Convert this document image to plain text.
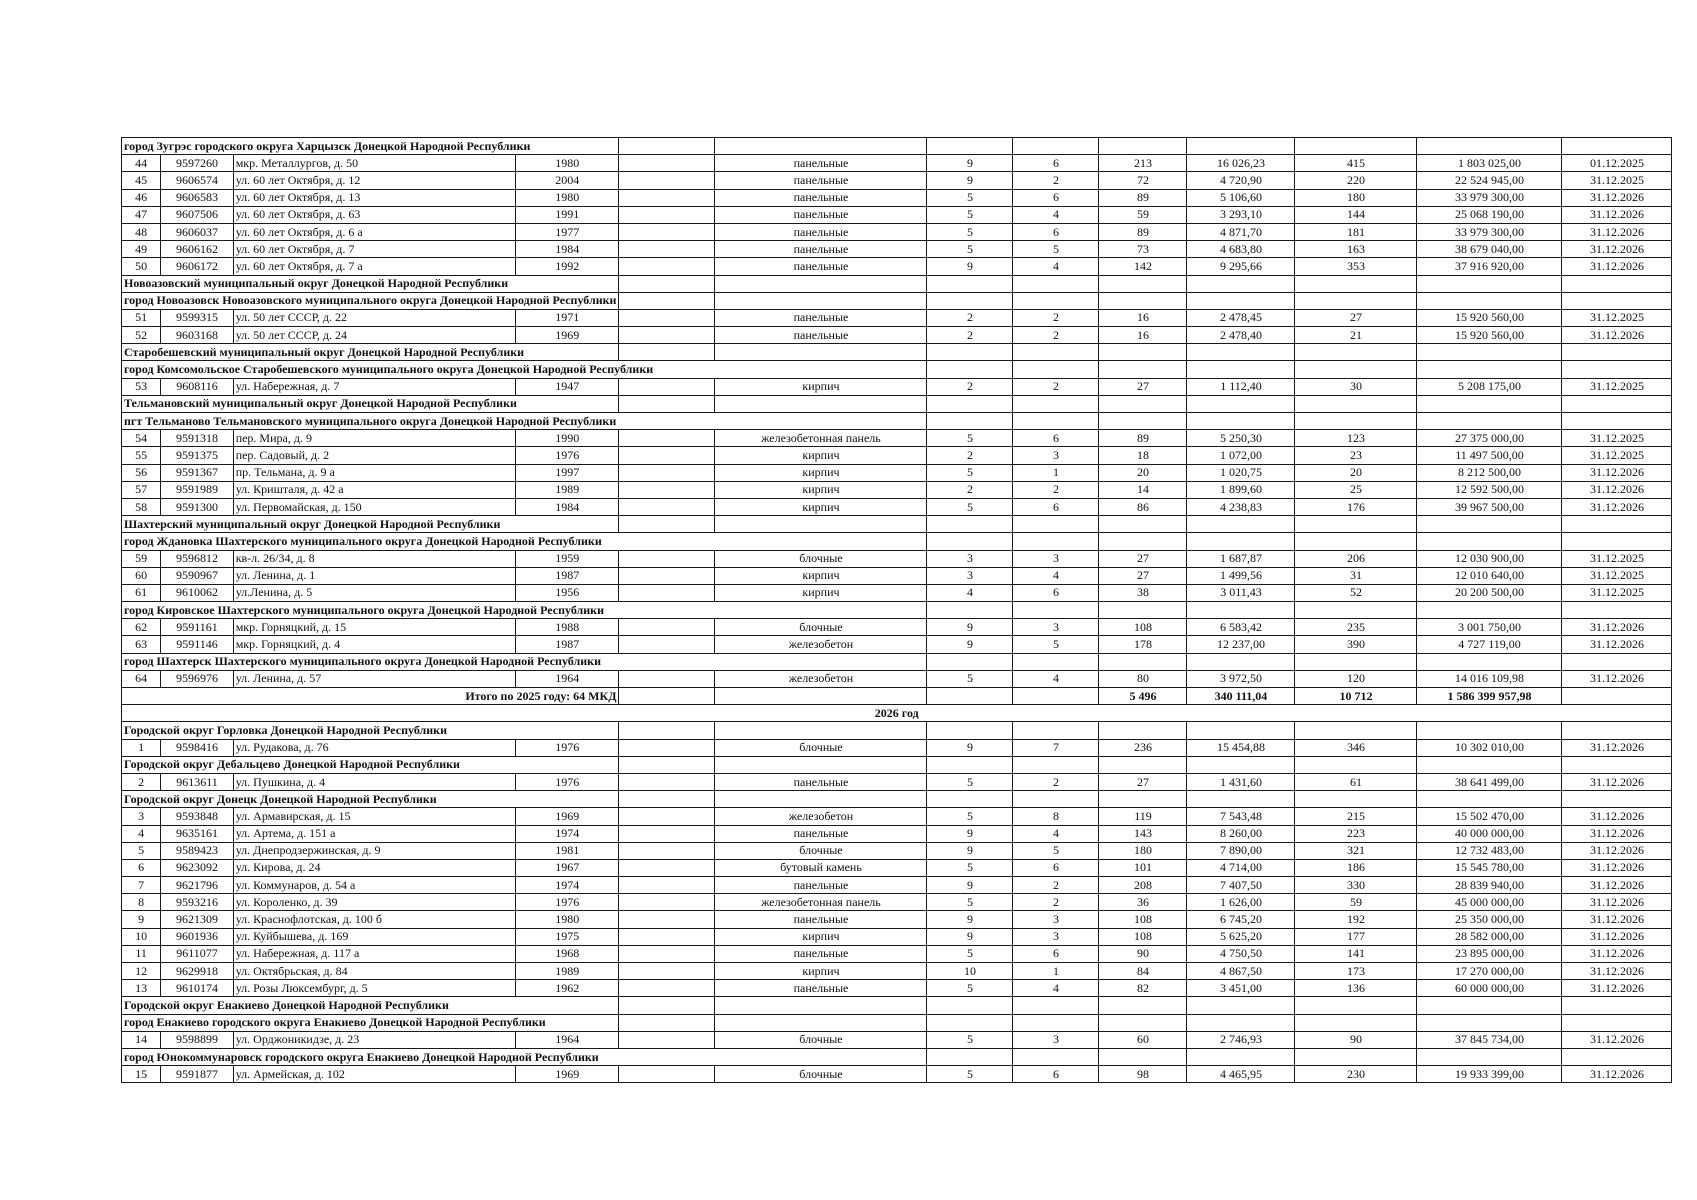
город Зугрэс городского округа Харцызск Донецкой Народной Республики												
44	9597260	мкр. Металлургов, д. 50	1980		панельные	9	6	213	16 026,23	415	1 803 025,00	01.12.2025
45	9606574	ул. 60 лет Октября, д. 12	2004		панельные	9	2	72	4 720,90	220	22 524 945,00	31.12.2025
46	9606583	ул. 60 лет Октября, д. 13	1980		панельные	5	6	89	5 106,60	180	33 979 300,00	31.12.2026
47	9607506	ул. 60 лет Октября, д. 63	1991		панельные	5	4	59	3 293,10	144	25 068 190,00	31.12.2026
48	9606037	ул. 60 лет Октября, д. 6 а	1977		панельные	5	6	89	4 871,70	181	33 979 300,00	31.12.2026
49	9606162	ул. 60 лет Октября, д. 7	1984		панельные	5	5	73	4 683,80	163	38 679 040,00	31.12.2026
50	9606172	ул. 60 лет Октября, д. 7 а	1992		панельные	9	4	142	9 295,66	353	37 916 920,00	31.12.2026
Новоазовский муниципальный округ Донецкой Народной Республики												
город Новоазовск Новоазовского муниципального округа Донецкой Народной Республики												
51	9599315	ул. 50 лет СССР, д. 22	1971		панельные	2	2	16	2 478,45	27	15 920 560,00	31.12.2025
52	9603168	ул. 50 лет СССР, д. 24	1969		панельные	2	2	16	2 478,40	21	15 920 560,00	31.12.2026
Старобешевский муниципальный округ Донецкой Народной Республики												
город Комсомольское Старобешевского муниципального округа Донецкой Народной Республики												
53	9608116	ул. Набережная, д. 7	1947		кирпич	2	2	27	1 112,40	30	5 208 175,00	31.12.2025
Тельмановский муниципальный округ Донецкой Народной Республики												
пгт Тельманово Тельмановского муниципального округа Донецкой Народной Республики												
54	9591318	пер. Мира, д. 9	1990		железобетонная панель	5	6	89	5 250,30	123	27 375 000,00	31.12.2025
55	9591375	пер. Садовый, д. 2	1976		кирпич	2	3	18	1 072,00	23	11 497 500,00	31.12.2025
56	9591367	пр. Тельмана, д. 9 а	1997		кирпич	5	1	20	1 020,75	20	8 212 500,00	31.12.2026
57	9591989	ул. Кришталя, д. 42 а	1989		кирпич	2	2	14	1 899,60	25	12 592 500,00	31.12.2026
58	9591300	ул. Первомайская, д. 150	1984		кирпич	5	6	86	4 238,83	176	39 967 500,00	31.12.2026
Шахтерский муниципальный округ Донецкой Народной Республики												
город Ждановка Шахтерского муниципального округа Донецкой Народной Республики												
59	9596812	кв-л. 26/34, д. 8	1959		блочные	3	3	27	1 687,87	206	12 030 900,00	31.12.2025
60	9590967	ул. Ленина, д. 1	1987		кирпич	3	4	27	1 499,56	31	12 010 640,00	31.12.2025
61	9610062	ул.Ленина, д. 5	1956		кирпич	4	6	38	3 011,43	52	20 200 500,00	31.12.2025
город Кировское Шахтерского муниципального округа Донецкой Народной Республики												
62	9591161	мкр. Горняцкий, д. 15	1988		блочные	9	3	108	6 583,42	235	3 001 750,00	31.12.2026
63	9591146	мкр. Горняцкий, д. 4	1987		железобетон	9	5	178	12 237,00	390	4 727 119,00	31.12.2026
город Шахтерск Шахтерского муниципального округа Донецкой Народной Республики												
64	9596976	ул. Ленина, д. 57	1964		железобетон	5	4	80	3 972,50	120	14 016 109,98	31.12.2026
Итого по 2025 году: 64 МКД								5 496	340 111,04	10 712	1 586 399 957,98	
2026 год												
Городской округ Горловка Донецкой Народной Республики												
1	9598416	ул. Рудакова, д. 76	1976		блочные	9	7	236	15 454,88	346	10 302 010,00	31.12.2026
Городской округ Дебальцево Донецкой Народной Республики												
2	9613611	ул. Пушкина, д. 4	1976		панельные	5	2	27	1 431,60	61	38 641 499,00	31.12.2026
Городской округ Донецк Донецкой Народной Республики												
3	9593848	ул. Армавирская, д. 15	1969		железобетон	5	8	119	7 543,48	215	15 502 470,00	31.12.2026
4	9635161	ул. Артема, д. 151 а	1974		панельные	9	4	143	8 260,00	223	40 000 000,00	31.12.2026
5	9589423	ул. Днепродзержинская, д. 9	1981		блочные	9	5	180	7 890,00	321	12 732 483,00	31.12.2026
6	9623092	ул. Кирова, д. 24	1967		бутовый камень	5	6	101	4 714,00	186	15 545 780,00	31.12.2026
7	9621796	ул. Коммунаров, д. 54 а	1974		панельные	9	2	208	7 407,50	330	28 839 940,00	31.12.2026
8	9593216	ул. Короленко, д. 39	1976		железобетонная панель	5	2	36	1 626,00	59	45 000 000,00	31.12.2026
9	9621309	ул. Краснофлотская, д. 100 б	1980		панельные	9	3	108	6 745,20	192	25 350 000,00	31.12.2026
10	9601936	ул. Куйбышева, д. 169	1975		кирпич	9	3	108	5 625,20	177	28 582 000,00	31.12.2026
11	9611077	ул. Набережная, д. 117 а	1968		панельные	5	6	90	4 750,50	141	23 895 000,00	31.12.2026
12	9629918	ул. Октябрьская, д. 84	1989		кирпич	10	1	84	4 867,50	173	17 270 000,00	31.12.2026
13	9610174	ул. Розы Люксембург, д. 5	1962		панельные	5	4	82	3 451,00	136	60 000 000,00	31.12.2026
Городской округ Енакиево Донецкой Народной Республики												
город Енакиево городского округа Енакиево Донецкой Народной Республики												
14	9598899	ул. Орджоникидзе, д. 23	1964		блочные	5	3	60	2 746,93	90	37 845 734,00	31.12.2026
город Юнокоммунаровск городского округа Енакиево Донецкой Народной Республики												
15	9591877	ул. Армейская, д. 102	1969		блочные	5	6	98	4 465,95	230	19 933 399,00	31.12.2026
